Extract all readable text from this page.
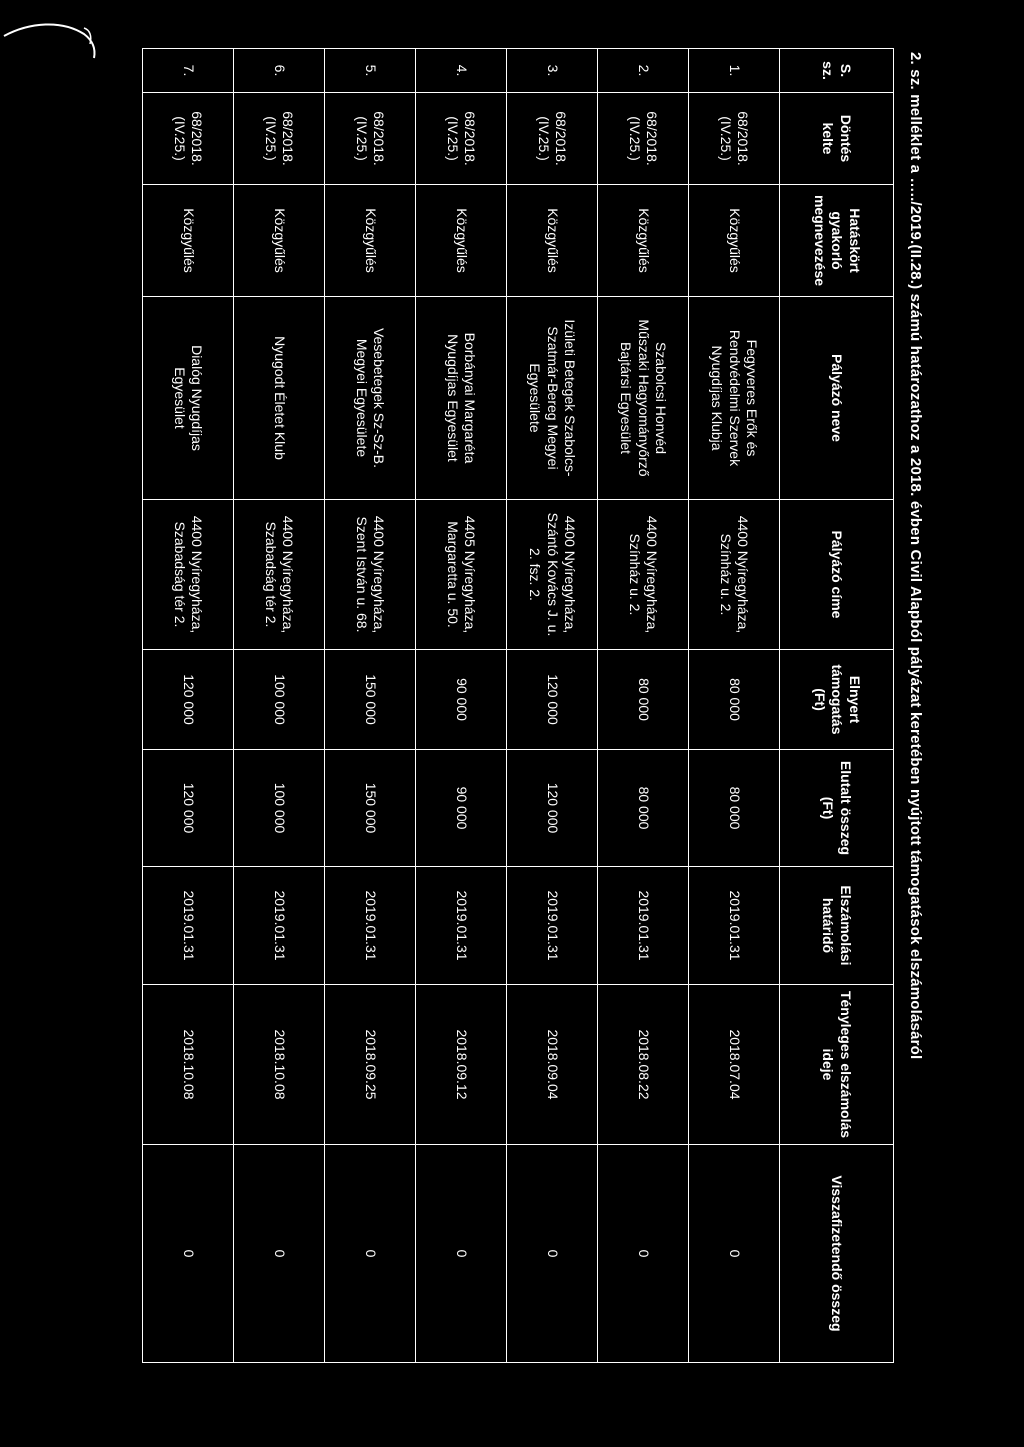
2. sz. melléklet a …../2019.(II.28.) számú határozathoz a 2018. évben Civil Alapból pályázat keretében nyújtott támogatások elszámolásáról
S.
sz.	Döntés kelte	Hatáskört gyakorló megnevezése	Pályázó neve	Pályázó címe	Elnyert támogatás (Ft)	Elutalt összeg (Ft)	Elszámolási határidő	Tényleges elszámolás ideje	Visszafizetendő összeg

1.	68/2018.
(IV.25.)	Közgyűlés	Fegyveres Erők és
Rendvédelmi Szervek
Nyugdíjas Klubja	4400 Nyíregyháza,
Színház u. 2.	80 000	80 000	2019.01.31	2018.07.04	0

2.	68/2018.
(IV.25.)	Közgyűlés	Szabolcsi Honvéd
Műszaki Hagyományőrző
Bajtársi Egyesület	4400 Nyíregyháza,
Színház u. 2.	80 000	80 000	2019.01.31	2018.08.22	0

3.	68/2018.
(IV.25.)	Közgyűlés	Izületi Betegek Szabolcs-
Szatmár-Bereg Megyei
Egyesülete	4400 Nyíregyháza,
Szántó Kovács J. u.
2. fsz. 2.	120 000	120 000	2019.01.31	2018.09.04	0

4.	68/2018.
(IV.25.)	Közgyűlés	Borbányai Margaréta
Nyugdíjas Egyesület	4405 Nyíregyháza,
Margaretta u. 50.	90 000	90 000	2019.01.31	2018.09.12	0

5.	68/2018.
(IV.25.)	Közgyűlés	Vesebetegek Sz-Sz-B.
Megyei Egyesülete	4400 Nyíregyháza,
Szent István u. 68.	150 000	150 000	2019.01.31	2018.09.25	0

6.	68/2018.
(IV.25.)	Közgyűlés	Nyugodt Életet Klub	4400 Nyíregyháza,
Szabadság tér 2.	100 000	100 000	2019.01.31	2018.10.08	0

7.	68/2018.
(IV.25.)	Közgyűlés	Dialóg Nyugdíjas
Egyesület	4400 Nyíregyháza,
Szabadság tér 2.	120 000	120 000	2019.01.31	2018.10.08	0
